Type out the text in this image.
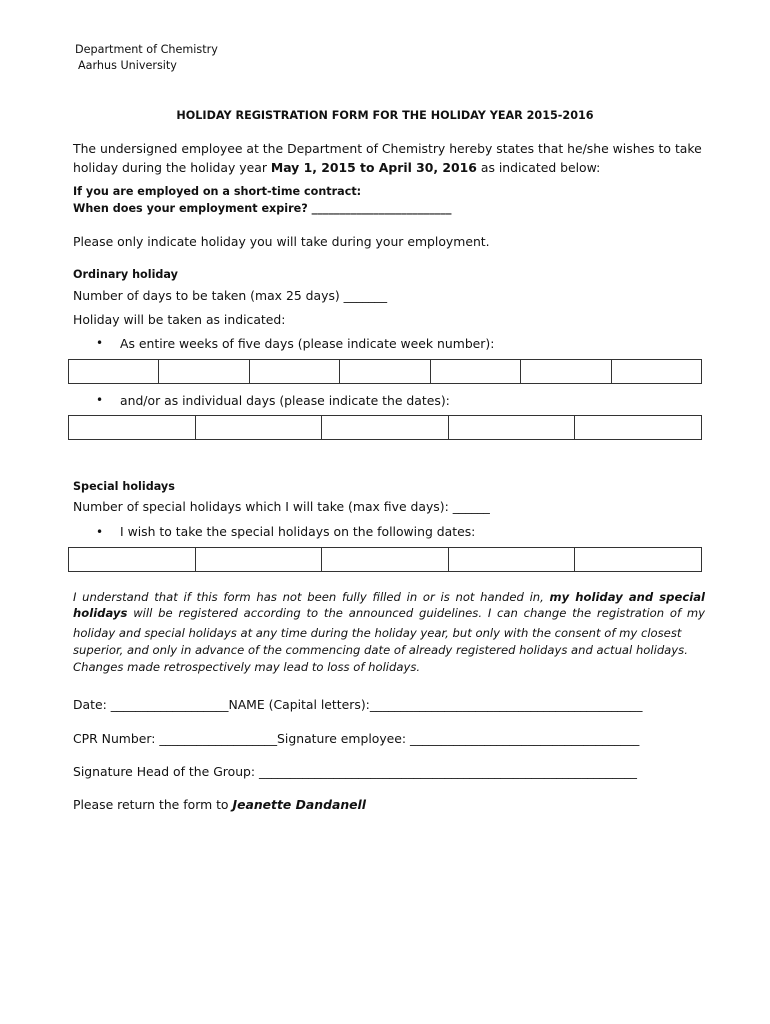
Department of Chemistry
Aarhus University
HOLIDAY REGISTRATION FORM FOR THE HOLIDAY YEAR 2015-2016
The undersigned employee at the Department of Chemistry hereby states that he/she wishes to take
holiday during the holiday year May 1, 2015 to April 30, 2016 as indicated below:
If you are employed on a short-time contract:
When does your employment expire? _________________________
Please only indicate holiday you will take during your employment.
Ordinary holiday
Number of days to be taken (max 25 days) _______
Holiday will be taken as indicated:
• As entire weeks of five days (please indicate week number):

• and/or as individual days (please indicate the dates):

Special holidays
Number of special holidays which I will take (max five days): ______
• I wish to take the special holidays on the following dates:

I understand that if this form has not been fully filled in or is not handed in, my holiday and special
holidays will be registered according to the announced guidelines. I can change the registration of my
holiday and special holidays at any time during the holiday year, but only with the consent of my closest superior, and only in advance of the commencing date of already registered holidays and actual holidays. Changes made retrospectively may lead to loss of holidays.
Date: ___________________NAME (Capital letters):____________________________________________
CPR Number: ___________________Signature employee: _____________________________________
Signature Head of the Group: _____________________________________________________________
Please return the form to Jeanette Dandanell
